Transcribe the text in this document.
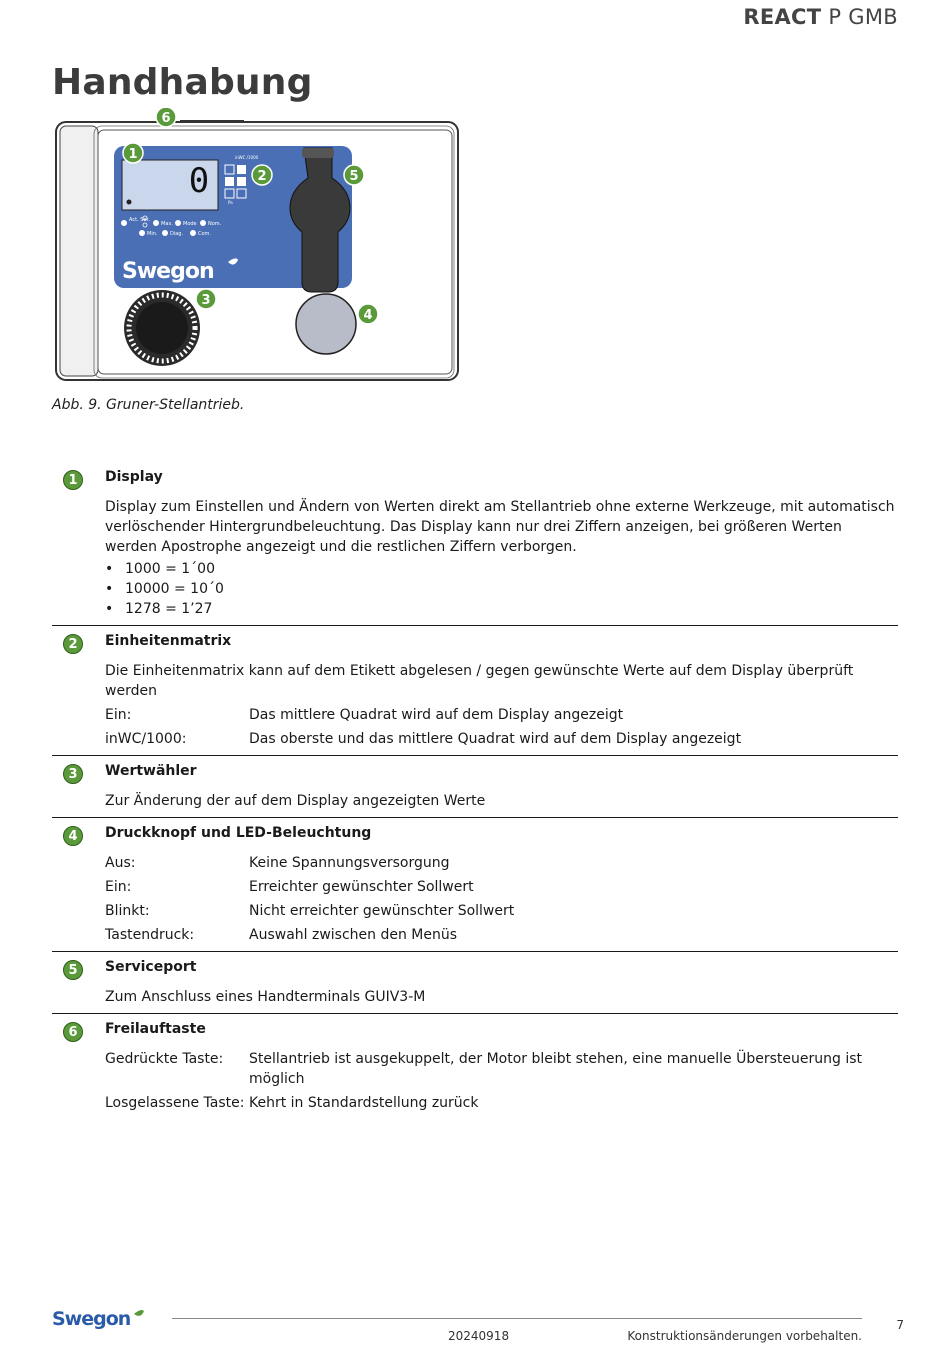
REACT P GMB
Handhabung
0
inWC /1000
Pa
Act. Set.
Max. Mode Nom.
Min.	Diag.	Com.
Swegon
1
2
3
4
5
6
Abb. 9. Gruner-Stellantrieb.
1	Display

Display zum Einstellen und Ändern von Werten direkt am Stellantrieb ohne externe Werkzeuge, mit automatisch verlöschender Hintergrundbeleuchtung. Das Display kann nur drei Ziffern anzeigen, bei größeren Werten werden Apostrophe angezeigt und die restlichen Ziffern verborgen.

• 1000 = 1´00
• 10000 = 10´0
• 1278 = 1’27
2	Einheitenmatrix

Die Einheitenmatrix kann auf dem Etikett abgelesen / gegen gewünschte Werte auf dem Display überprüft werden

Ein:	Das mittlere Quadrat wird auf dem Display angezeigt
inWC/1000:	Das oberste und das mittlere Quadrat wird auf dem Display angezeigt
3	Wertwähler

Zur Änderung der auf dem Display angezeigten Werte

4	Druckknopf und LED-Beleuchtung
Aus:	Keine Spannungsversorgung
Ein:	Erreichter gewünschter Sollwert
Blinkt:	Nicht erreichter gewünschter Sollwert
Tastendruck:	Auswahl zwischen den Menüs
5	Serviceport

Zum Anschluss eines Handterminals GUIV3-M

6	Freilauftaste
Gedrückte Taste:	Stellantrieb ist ausgekuppelt, der Motor bleibt stehen, eine manuelle Übersteuerung ist möglich
Losgelassene Taste: Kehrt in Standardstellung zurück
Swegon
20240918	Konstruktionsänderungen vorbehalten.
7
